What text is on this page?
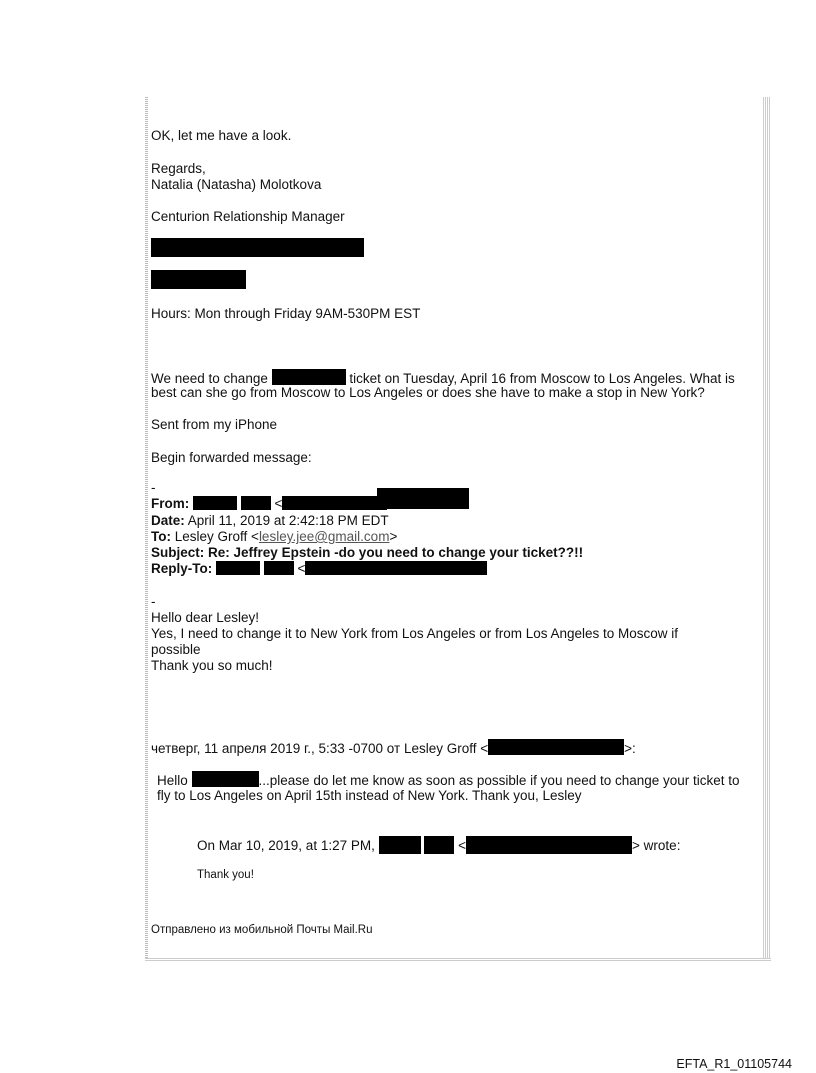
OK, let me have a look.
Regards,
Natalia (Natasha) Molotkova
Centurion Relationship Manager
Hours: Mon through Friday 9AM-530PM EST
We need to change	ticket on Tuesday, April 16 from Moscow to Los Angeles. What is
best can she go from Moscow to Los Angeles or does she have to make a stop in New York?
Sent from my iPhone
Begin forwarded message:
-
From:	<
Date: April 11, 2019 at 2:42:18 PM EDT
To: Lesley Groff <lesley.jee@gmail.com>
Subject: Re: Jeffrey Epstein -do you need to change your ticket??!!
Reply-To:	<
-
Hello dear Lesley!
Yes, I need to change it to New York from Los Angeles or from Los Angeles to Moscow if
possible
Thank you so much!
четверг, 11 апреля 2019 г., 5:33 -0700 от Lesley Groff <	>:
Hello	...please do let me know as soon as possible if you need to change your ticket to
fly to Los Angeles on April 15th instead of New York. Thank you, Lesley
On Mar 10, 2019, at 1:27 PM,	<	> wrote:
Thank you!
Отправлено из мобильной Почты Mail.Ru
EFTA_R1_01105744
